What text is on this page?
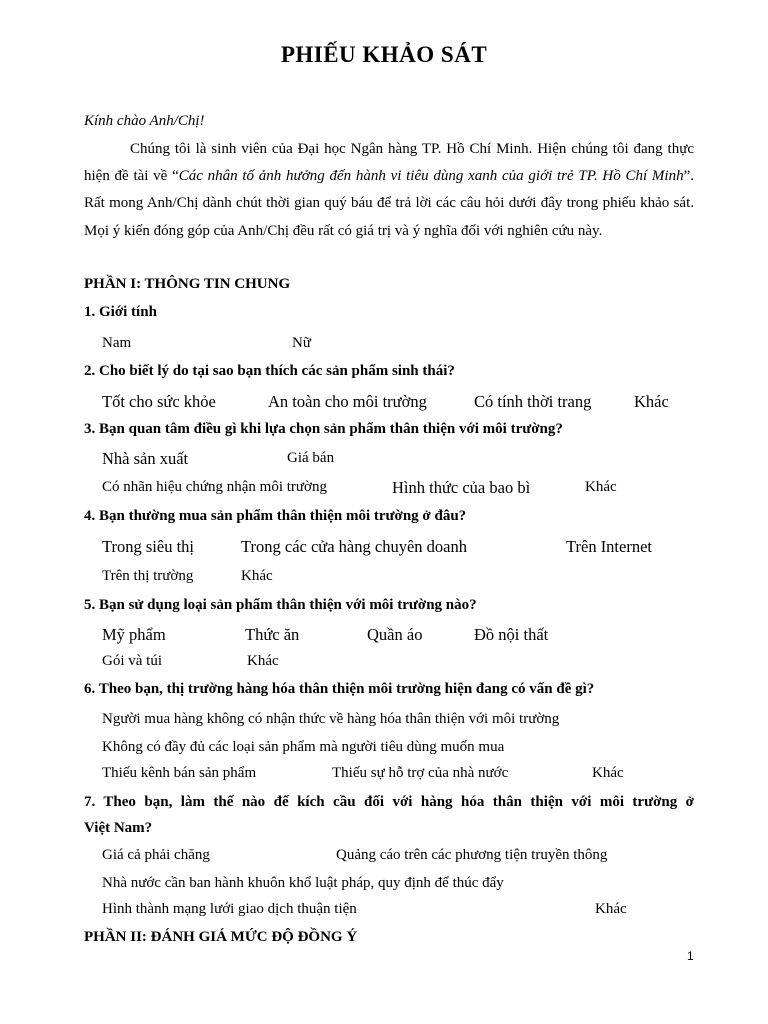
PHIẾU KHẢO SÁT
Kính chào Anh/Chị!
Chúng tôi là sinh viên của Đại học Ngân hàng TP. Hồ Chí Minh. Hiện chúng tôi đang thực hiện đề tài về “Các nhân tố ảnh hưởng đến hành vi tiêu dùng xanh của giới trẻ TP. Hồ Chí Minh”. Rất mong Anh/Chị dành chút thời gian quý báu để trả lời các câu hỏi dưới đây trong phiếu khảo sát. Mọi ý kiến đóng góp của Anh/Chị đều rất có giá trị và ý nghĩa đối với nghiên cứu này.
PHẦN I: THÔNG TIN CHUNG
1. Giới tính
Nam	Nữ
2. Cho biết lý do tại sao bạn thích các sản phẩm sinh thái?
Tốt cho sức khỏe	An toàn cho môi trường	Có tính thời trang	Khác
3. Bạn quan tâm điều gì khi lựa chọn sản phẩm thân thiện với môi trường?
Nhà sản xuất	Giá bán
Có nhãn hiệu chứng nhận môi trường	Hình thức của bao bì	Khác
4. Bạn thường mua sản phẩm thân thiện môi trường ở đâu?
Trong siêu thị	Trong các cửa hàng chuyên doanh	Trên Internet
Trên thị trường	Khác
5. Bạn sử dụng loại sản phẩm thân thiện với môi trường nào?
Mỹ phẩm	Thức ăn	Quần áo	Đồ nội thất
Gói và túi	Khác
6. Theo bạn, thị trường hàng hóa thân thiện môi trường hiện đang có vấn đề gì?
Người mua hàng không có nhận thức về hàng hóa thân thiện với môi trường
Không có đầy đủ các loại sản phẩm mà người tiêu dùng muốn mua
Thiếu kênh bán sản phẩm	Thiếu sự hỗ trợ của nhà nước	Khác
7. Theo bạn, làm thế nào để kích cầu đối với hàng hóa thân thiện với môi trường ở
Việt Nam?
Giá cả phải chăng	Quảng cáo trên các phương tiện truyền thông
Nhà nước cần ban hành khuôn khổ luật pháp, quy định để thúc đẩy
Hình thành mạng lưới giao dịch thuận tiện	Khác
PHẦN II: ĐÁNH GIÁ MỨC ĐỘ ĐỒNG Ý
1
